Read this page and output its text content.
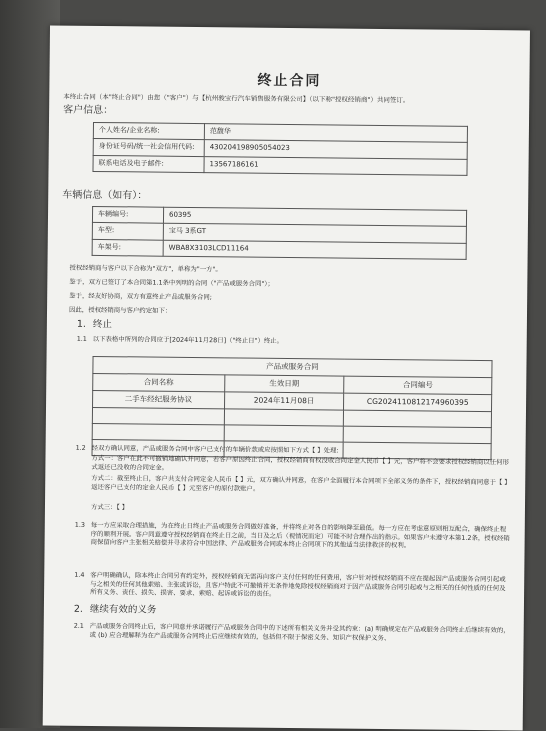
终止合同
本终止合同（本"终止合同"）由您（"客户"）与【杭州骏宝行汽车销售服务有限公司】（以下称"授权经销商"）共同签订。
客户信息：
个人姓名/企业名称:	范馥华
身份证号码/统一社会信用代码:	430204198905054023
联系电话及电子邮件:	13567186161
车辆信息（如有）：
车辆编号:	60395
车型:	宝马 3系GT
车架号:	WBA8X3103LCD11164
授权经销商与客户以下合称为"双方"，单称为"一方"。
鉴于，双方已签订了本合同第1.1条中列明的合同（"产品或服务合同"）；
鉴于，经友好协商，双方有意终止产品或服务合同;
因此，授权经销商与客户约定如下：
1. 终止
1.1 以下表格中所列的合同应于[2024年11月28日]（"终止日"）终止。
产品或服务合同		
合同名称	生效日期	合同编号
二手车经纪服务协议	2024年11月08日	CG2024110812174960395

1.2 经双方确认同意，产品或服务合同中客户已支付的车辆价款或应按照如下方式【 】处理:
方式一：客户在此不可撤销地确认并同意，若客户原因终止合同，授权经销商有权没收合同定金人民币【 】元，客户将不会要求授权经销商以任何形式返还已没收的合同定金。
方式二：截至终止日，客户共支付合同定金人民币【 】元，双方确认并同意，在客户全面履行本合同项下全部义务的条件下，授权经销商同意于【 】返还客户已支付的定金人民币【 】元至客户的原付款账户。
方式三：【 】
1.3 每一方应采取合理措施，为在终止日终止产品或服务合同做好准备，并将终止对各自的影响降至最低。每一方应在考虑意原则相互配合，确保终止程序的顺利开展。客户同意遵守授权经销商在终止日之前，当日及之后（视情况而定）可能不时合理作出的指示。如果客户未遵守本第1.2条，授权经销商保留向客户主张相关赔偿并寻求符合中国法律、产品或服务合同或本终止合同项下的其他适当法律救济的权利。
1.4 客户明确确认，除本终止合同另有约定外，授权经销商无需再向客户支付任何的任何费用，客户针对授权经销商不应在提起因产品或服务合同引起或与之相关的任何其他索赔、主张或诉讼，且客户特此不可撤销并无条件地免除授权经销商对于因产品或服务合同引起或与之相关的任何性质的任何及所有义务、责任、损失、损害、要求、索赔、起诉或诉讼的责任。
2. 继续有效的义务
2.1 产品或服务合同终止后，客户同意并承诺履行产品或服务合同中的下述所有相关义务并受其约束：(a) 明确规定在产品或服务合同终止后继续有效的，或 (b) 应合理解释为在产品或服务合同终止后应继续有效的，包括但不限于保密义务、知识产权保护义务、
